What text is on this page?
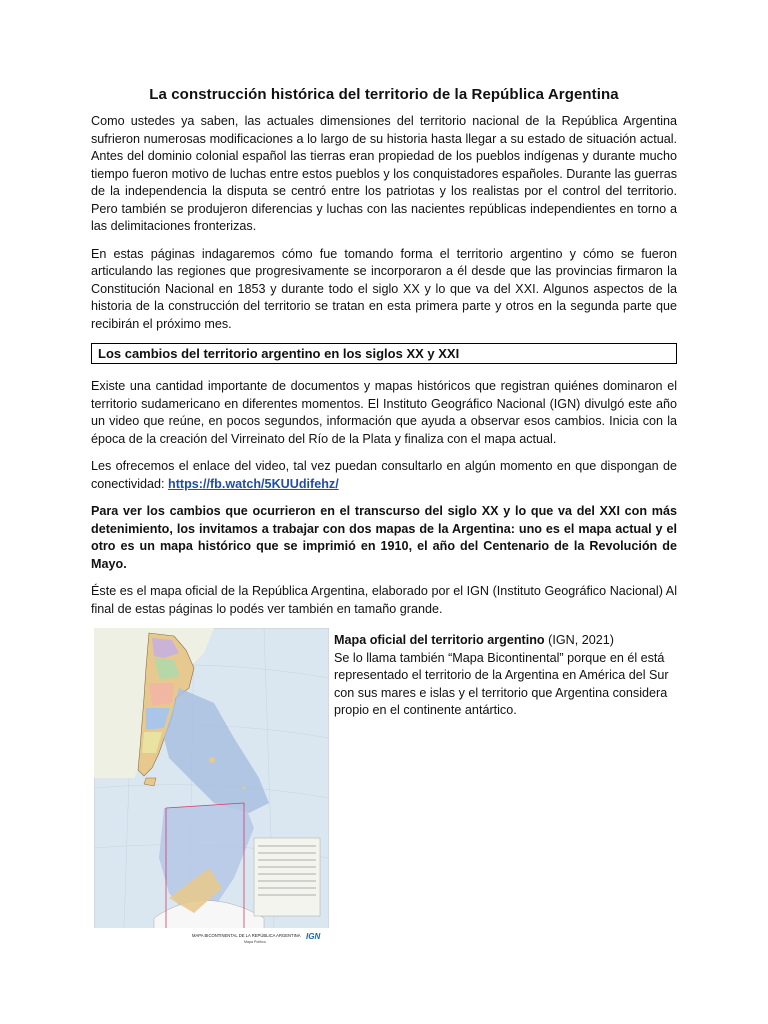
La construcción histórica del territorio de la República Argentina

Como ustedes ya saben, las actuales dimensiones del territorio nacional de la República Argentina sufrieron numerosas modificaciones a lo largo de su historia hasta llegar a su estado de situación actual. Antes del dominio colonial español las tierras eran propiedad de los pueblos indígenas y durante mucho tiempo fueron motivo de luchas entre estos pueblos y los conquistadores españoles. Durante las guerras de la independencia la disputa se centró entre los patriotas y los realistas por el control del territorio. Pero también se produjeron diferencias y luchas con las nacientes repúblicas independientes en torno a las delimitaciones fronterizas.

En estas páginas indagaremos cómo fue tomando forma el territorio argentino y cómo se fueron articulando las regiones que progresivamente se incorporaron a él desde que las provincias firmaron la Constitución Nacional en 1853 y durante todo el siglo XX y lo que va del XXI. Algunos aspectos de la historia de la construcción del territorio se tratan en esta primera parte y otros en la segunda parte que recibirán el próximo mes.

Los cambios del territorio argentino en los siglos XX y XXI

Existe una cantidad importante de documentos y mapas históricos que registran quiénes dominaron el territorio sudamericano en diferentes momentos. El Instituto Geográfico Nacional (IGN) divulgó este año un video que reúne, en pocos segundos, información que ayuda a observar esos cambios. Inicia con la época de la creación del Virreinato del Río de la Plata y finaliza con el mapa actual.

Les ofrecemos el enlace del video, tal vez puedan consultarlo en algún momento en que dispongan de conectividad: https://fb.watch/5KUUdifehz/

Para ver los cambios que ocurrieron en el transcurso del siglo XX y lo que va del XXI con más detenimiento, los invitamos a trabajar con dos mapas de la Argentina: uno es el mapa actual y el otro es un mapa histórico que se imprimió en 1910, el año del Centenario de la Revolución de Mayo.

Éste es el mapa oficial de la República Argentina, elaborado por el IGN (Instituto Geográfico Nacional) Al final de estas páginas lo podés ver también en tamaño grande.

MAPA BICONTINENTAL DE LA REPÚBLICA ARGENTINA
Mapa Político
IGN
Mapa oficial del territorio argentino (IGN, 2021)
Se lo llama también “Mapa Bicontinental” porque en él está representado el territorio de la Argentina en América del Sur con sus mares e islas y el territorio que Argentina considera propio en el continente antártico.
